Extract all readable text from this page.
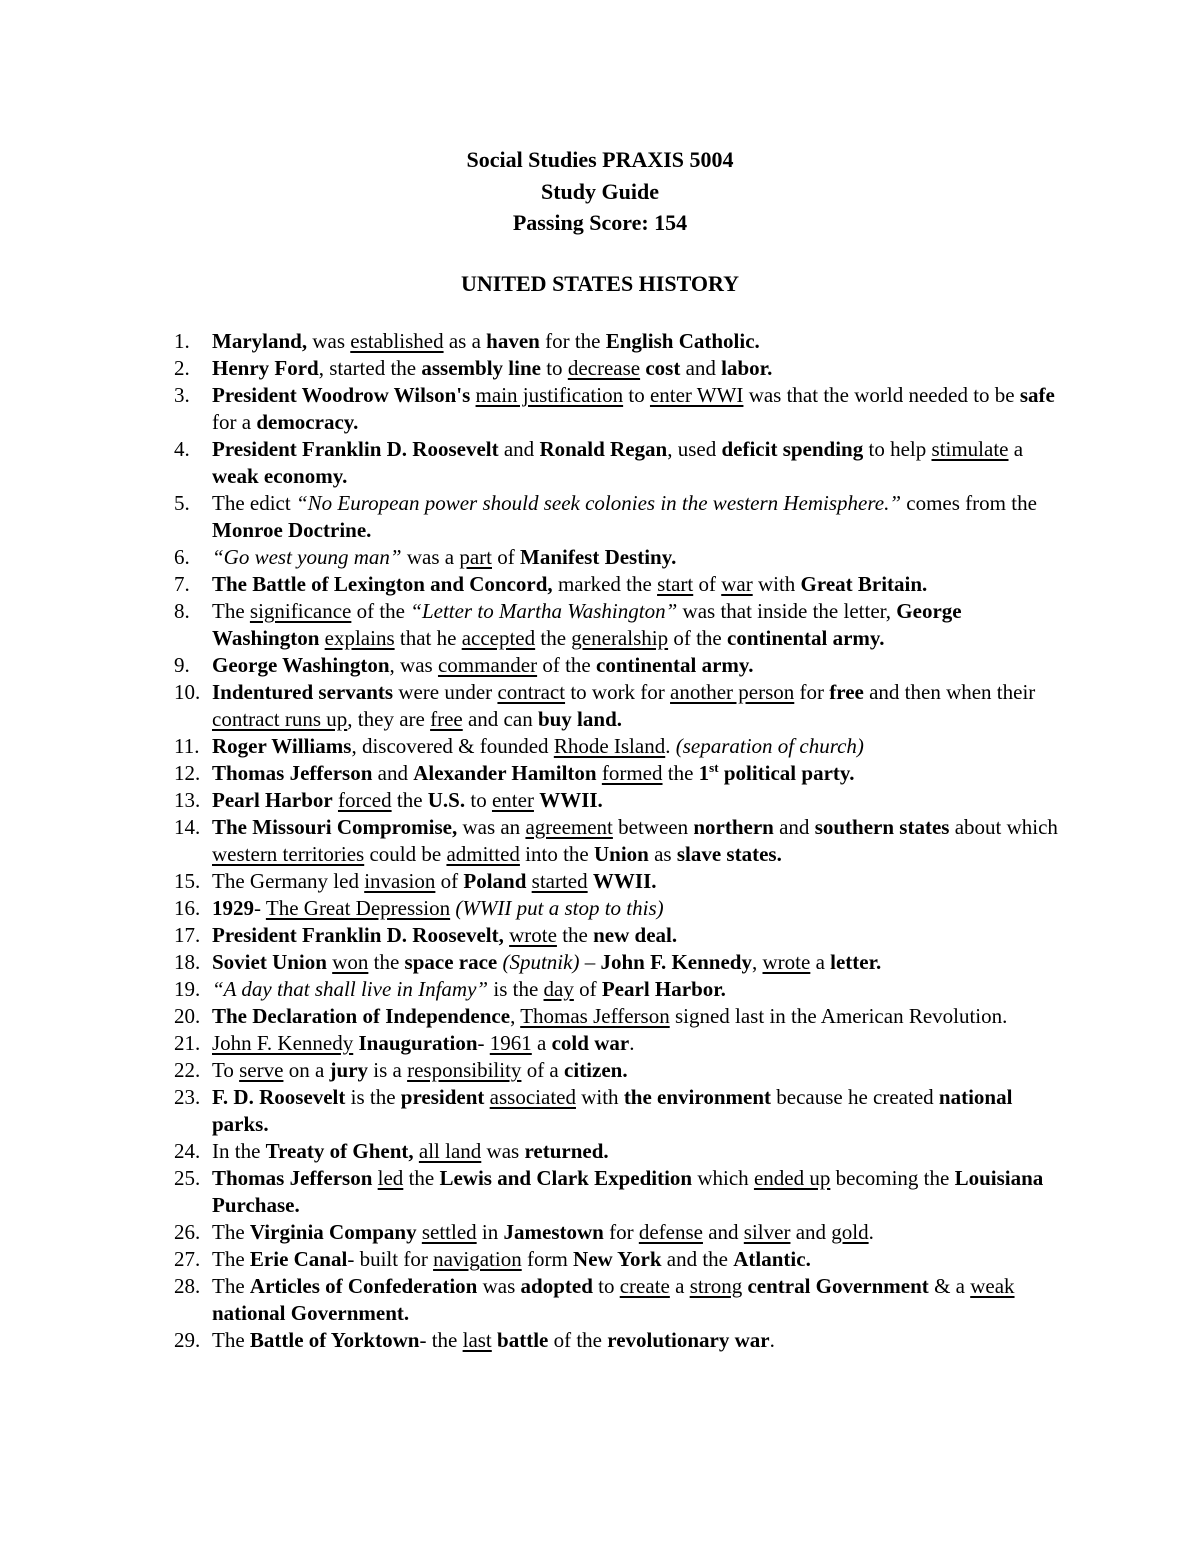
Social Studies PRAXIS 5004
Study Guide
Passing Score: 154
UNITED STATES HISTORY
1. Maryland, was established as a haven for the English Catholic.
2. Henry Ford, started the assembly line to decrease cost and labor.
3. President Woodrow Wilson's main justification to enter WWI was that the world needed to be safe for a democracy.
4. President Franklin D. Roosevelt and Ronald Regan, used deficit spending to help stimulate a weak economy.
5. The edict “No European power should seek colonies in the western Hemisphere.” comes from the Monroe Doctrine.
6. “Go west young man” was a part of Manifest Destiny.
7. The Battle of Lexington and Concord, marked the start of war with Great Britain.
8. The significance of the “Letter to Martha Washington” was that inside the letter, George Washington explains that he accepted the generalship of the continental army.
9. George Washington, was commander of the continental army.
10. Indentured servants were under contract to work for another person for free and then when their contract runs up, they are free and can buy land.
11. Roger Williams, discovered & founded Rhode Island. (separation of church)
12. Thomas Jefferson and Alexander Hamilton formed the 1st political party.
13. Pearl Harbor forced the U.S. to enter WWII.
14. The Missouri Compromise, was an agreement between northern and southern states about which western territories could be admitted into the Union as slave states.
15. The Germany led invasion of Poland started WWII.
16. 1929- The Great Depression (WWII put a stop to this)
17. President Franklin D. Roosevelt, wrote the new deal.
18. Soviet Union won the space race (Sputnik) – John F. Kennedy, wrote a letter.
19. “A day that shall live in Infamy” is the day of Pearl Harbor.
20. The Declaration of Independence, Thomas Jefferson signed last in the American Revolution.
21. John F. Kennedy Inauguration- 1961 a cold war.
22. To serve on a jury is a responsibility of a citizen.
23. F. D. Roosevelt is the president associated with the environment because he created national parks.
24. In the Treaty of Ghent, all land was returned.
25. Thomas Jefferson led the Lewis and Clark Expedition which ended up becoming the Louisiana Purchase.
26. The Virginia Company settled in Jamestown for defense and silver and gold.
27. The Erie Canal- built for navigation form New York and the Atlantic.
28. The Articles of Confederation was adopted to create a strong central Government & a weak national Government.
29. The Battle of Yorktown- the last battle of the revolutionary war.
